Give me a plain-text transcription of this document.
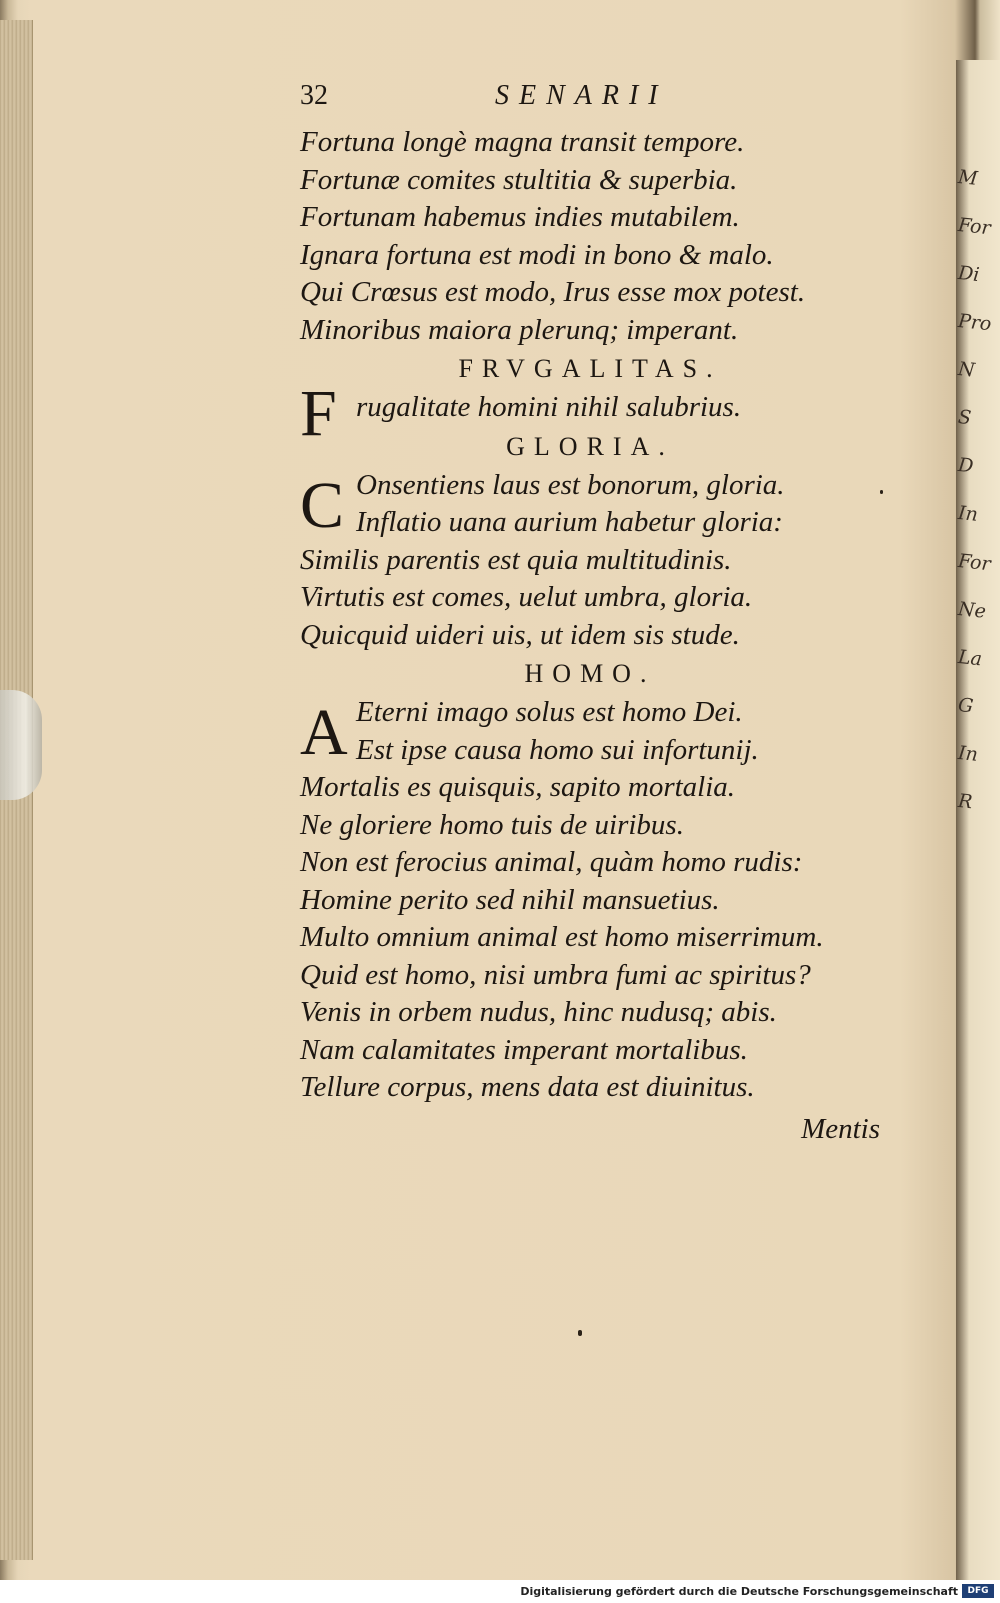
M
For
Di
Pro
N
S
D
In
For
Ne
La
G
In
R
32	SENARII
Fortuna longè magna transit tempore.
Fortunæ comites stultitia & superbia.
Fortunam habemus indies mutabilem.
Ignara fortuna est modi in bono & malo.
Qui Crœsus est modo, Irus esse mox potest.
Minoribus maiora plerunq; imperant.
FRVGALITAS.
F rugalitate homini nihil salubrius.
GLORIA.
C Onsentiens laus est bonorum, gloria.
Inflatio uana aurium habetur gloria:
Similis parentis est quia multitudinis.
Virtutis est comes, uelut umbra, gloria.
Quicquid uideri uis, ut idem sis stude.
HOMO.
A Eterni imago solus est homo Dei.
Est ipse causa homo sui infortunij.
Mortalis es quisquis, sapito mortalia.
Ne gloriere homo tuis de uiribus.
Non est ferocius animal, quàm homo rudis:
Homine perito sed nihil mansuetius.
Multo omnium animal est homo miserrimum.
Quid est homo, nisi umbra fumi ac spiritus?
Venis in orbem nudus, hinc nudusq; abis.
Nam calamitates imperant mortalibus.
Tellure corpus, mens data est diuinitus.
Mentis
Digitalisierung gefördert durch die Deutsche Forschungsgemeinschaft	DFG
